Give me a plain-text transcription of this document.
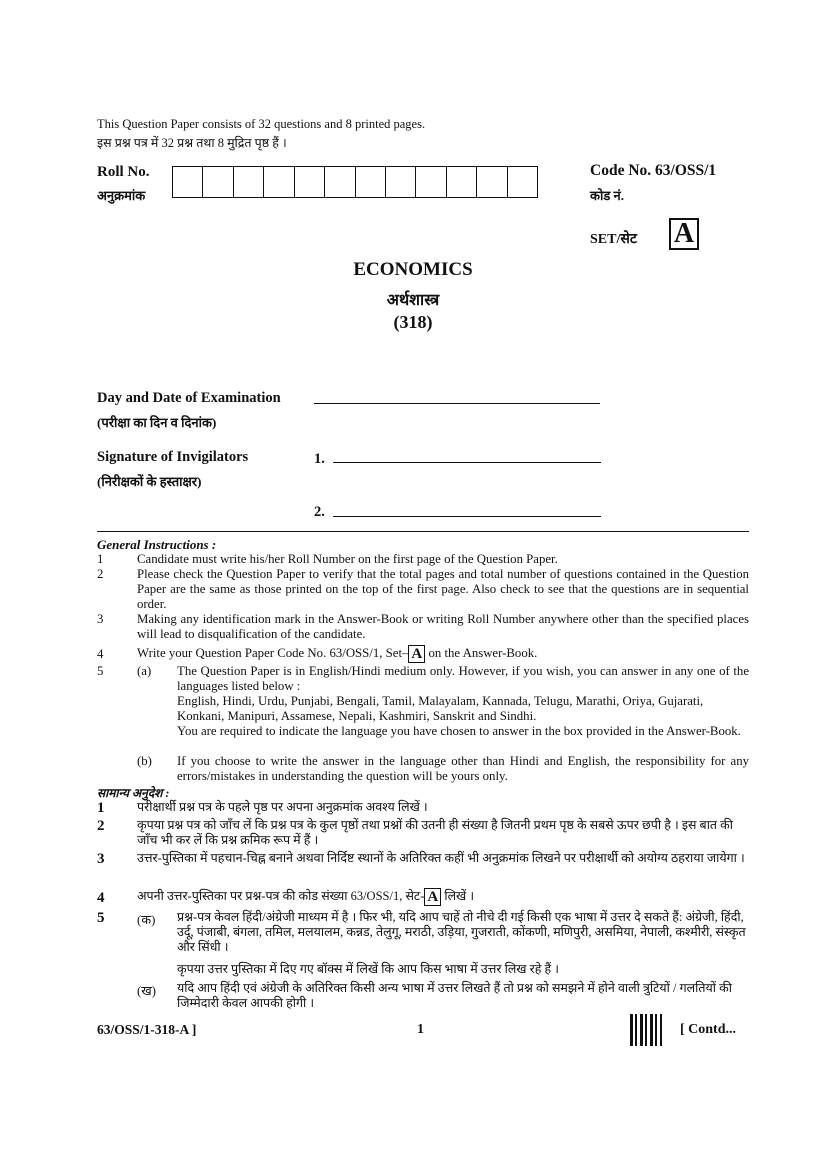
This Question Paper consists of 32 questions and 8 printed pages.
इस प्रश्न पत्र में 32 प्रश्न तथा 8 मुद्रित पृष्ठ हैं ।
Roll No.
अनुक्रमांक
Code No. 63/OSS/1
कोड नं.
SET/सेट A
ECONOMICS
अर्थशास्त्र
(318)
Day and Date of Examination
(परीक्षा का दिन व दिनांक)
Signature of Invigilators
(निरीक्षकों के हस्ताक्षर)
1.
2.
General Instructions :
1	Candidate must write his/her Roll Number on the first page of the Question Paper.
2	Please check the Question Paper to verify that the total pages and total number of questions contained in the Question Paper are the same as those printed on the top of the first page. Also check to see that the questions are in sequential order.
3	Making any identification mark in the Answer-Book or writing Roll Number anywhere other than the specified places will lead to disqualification of the candidate.
4	Write your Question Paper Code No. 63/OSS/1, Set– A on the Answer-Book.
5	(a) The Question Paper is in English/Hindi medium only. However, if you wish, you can answer in any one of the languages listed below :
English, Hindi, Urdu, Punjabi, Bengali, Tamil, Malayalam, Kannada, Telugu, Marathi, Oriya, Gujarati, Konkani, Manipuri, Assamese, Nepali, Kashmiri, Sanskrit and Sindhi.
You are required to indicate the language you have chosen to answer in the box provided in the Answer-Book.
(b) If you choose to write the answer in the language other than Hindi and English, the responsibility for any errors/mistakes in understanding the question will be yours only.
सामान्य अनुदेश :
1	परीक्षार्थी प्रश्न पत्र के पहले पृष्ठ पर अपना अनुक्रमांक अवश्य लिखें ।
2	कृपया प्रश्न पत्र को जाँच लें कि प्रश्न पत्र के कुल पृष्ठों तथा प्रश्नों की उतनी ही संख्या है जितनी प्रथम पृष्ठ के सबसे ऊपर छपी है । इस बात की जाँच भी कर लें कि प्रश्न क्रमिक रूप में हैं ।
3	उत्तर-पुस्तिका में पहचान-चिह्न बनाने अथवा निर्दिष्ट स्थानों के अतिरिक्त कहीं भी अनुक्रमांक लिखने पर परीक्षार्थी को अयोग्य ठहराया जायेगा ।
4	अपनी उत्तर-पुस्तिका पर प्रश्न-पत्र की कोड संख्या 63/OSS/1, सेट- A लिखें ।
5	(क) प्रश्न-पत्र केवल हिंदी/अंग्रेजी माध्यम में है । फिर भी, यदि आप चाहें तो नीचे दी गई किसी एक भाषा में उत्तर दे सकते हैं: अंग्रेजी, हिंदी, उर्दू, पंजाबी, बंगला, तमिल, मलयालम, कन्नड, तेलुगू, मराठी, उड़िया, गुजराती, कोंकणी, मणिपुरी, असमिया, नेपाली, कश्मीरी, संस्कृत और सिंधी ।
कृपया उत्तर पुस्तिका में दिए गए बॉक्स में लिखें कि आप किस भाषा में उत्तर लिख रहे हैं ।
(ख) यदि आप हिंदी एवं अंग्रेजी के अतिरिक्त किसी अन्य भाषा में उत्तर लिखते हैं तो प्रश्न को समझने में होने वाली त्रुटियों / गलतियों की जिम्मेदारी केवल आपकी होगी ।
63/OSS/1-318-A ]	1	[ Contd...
